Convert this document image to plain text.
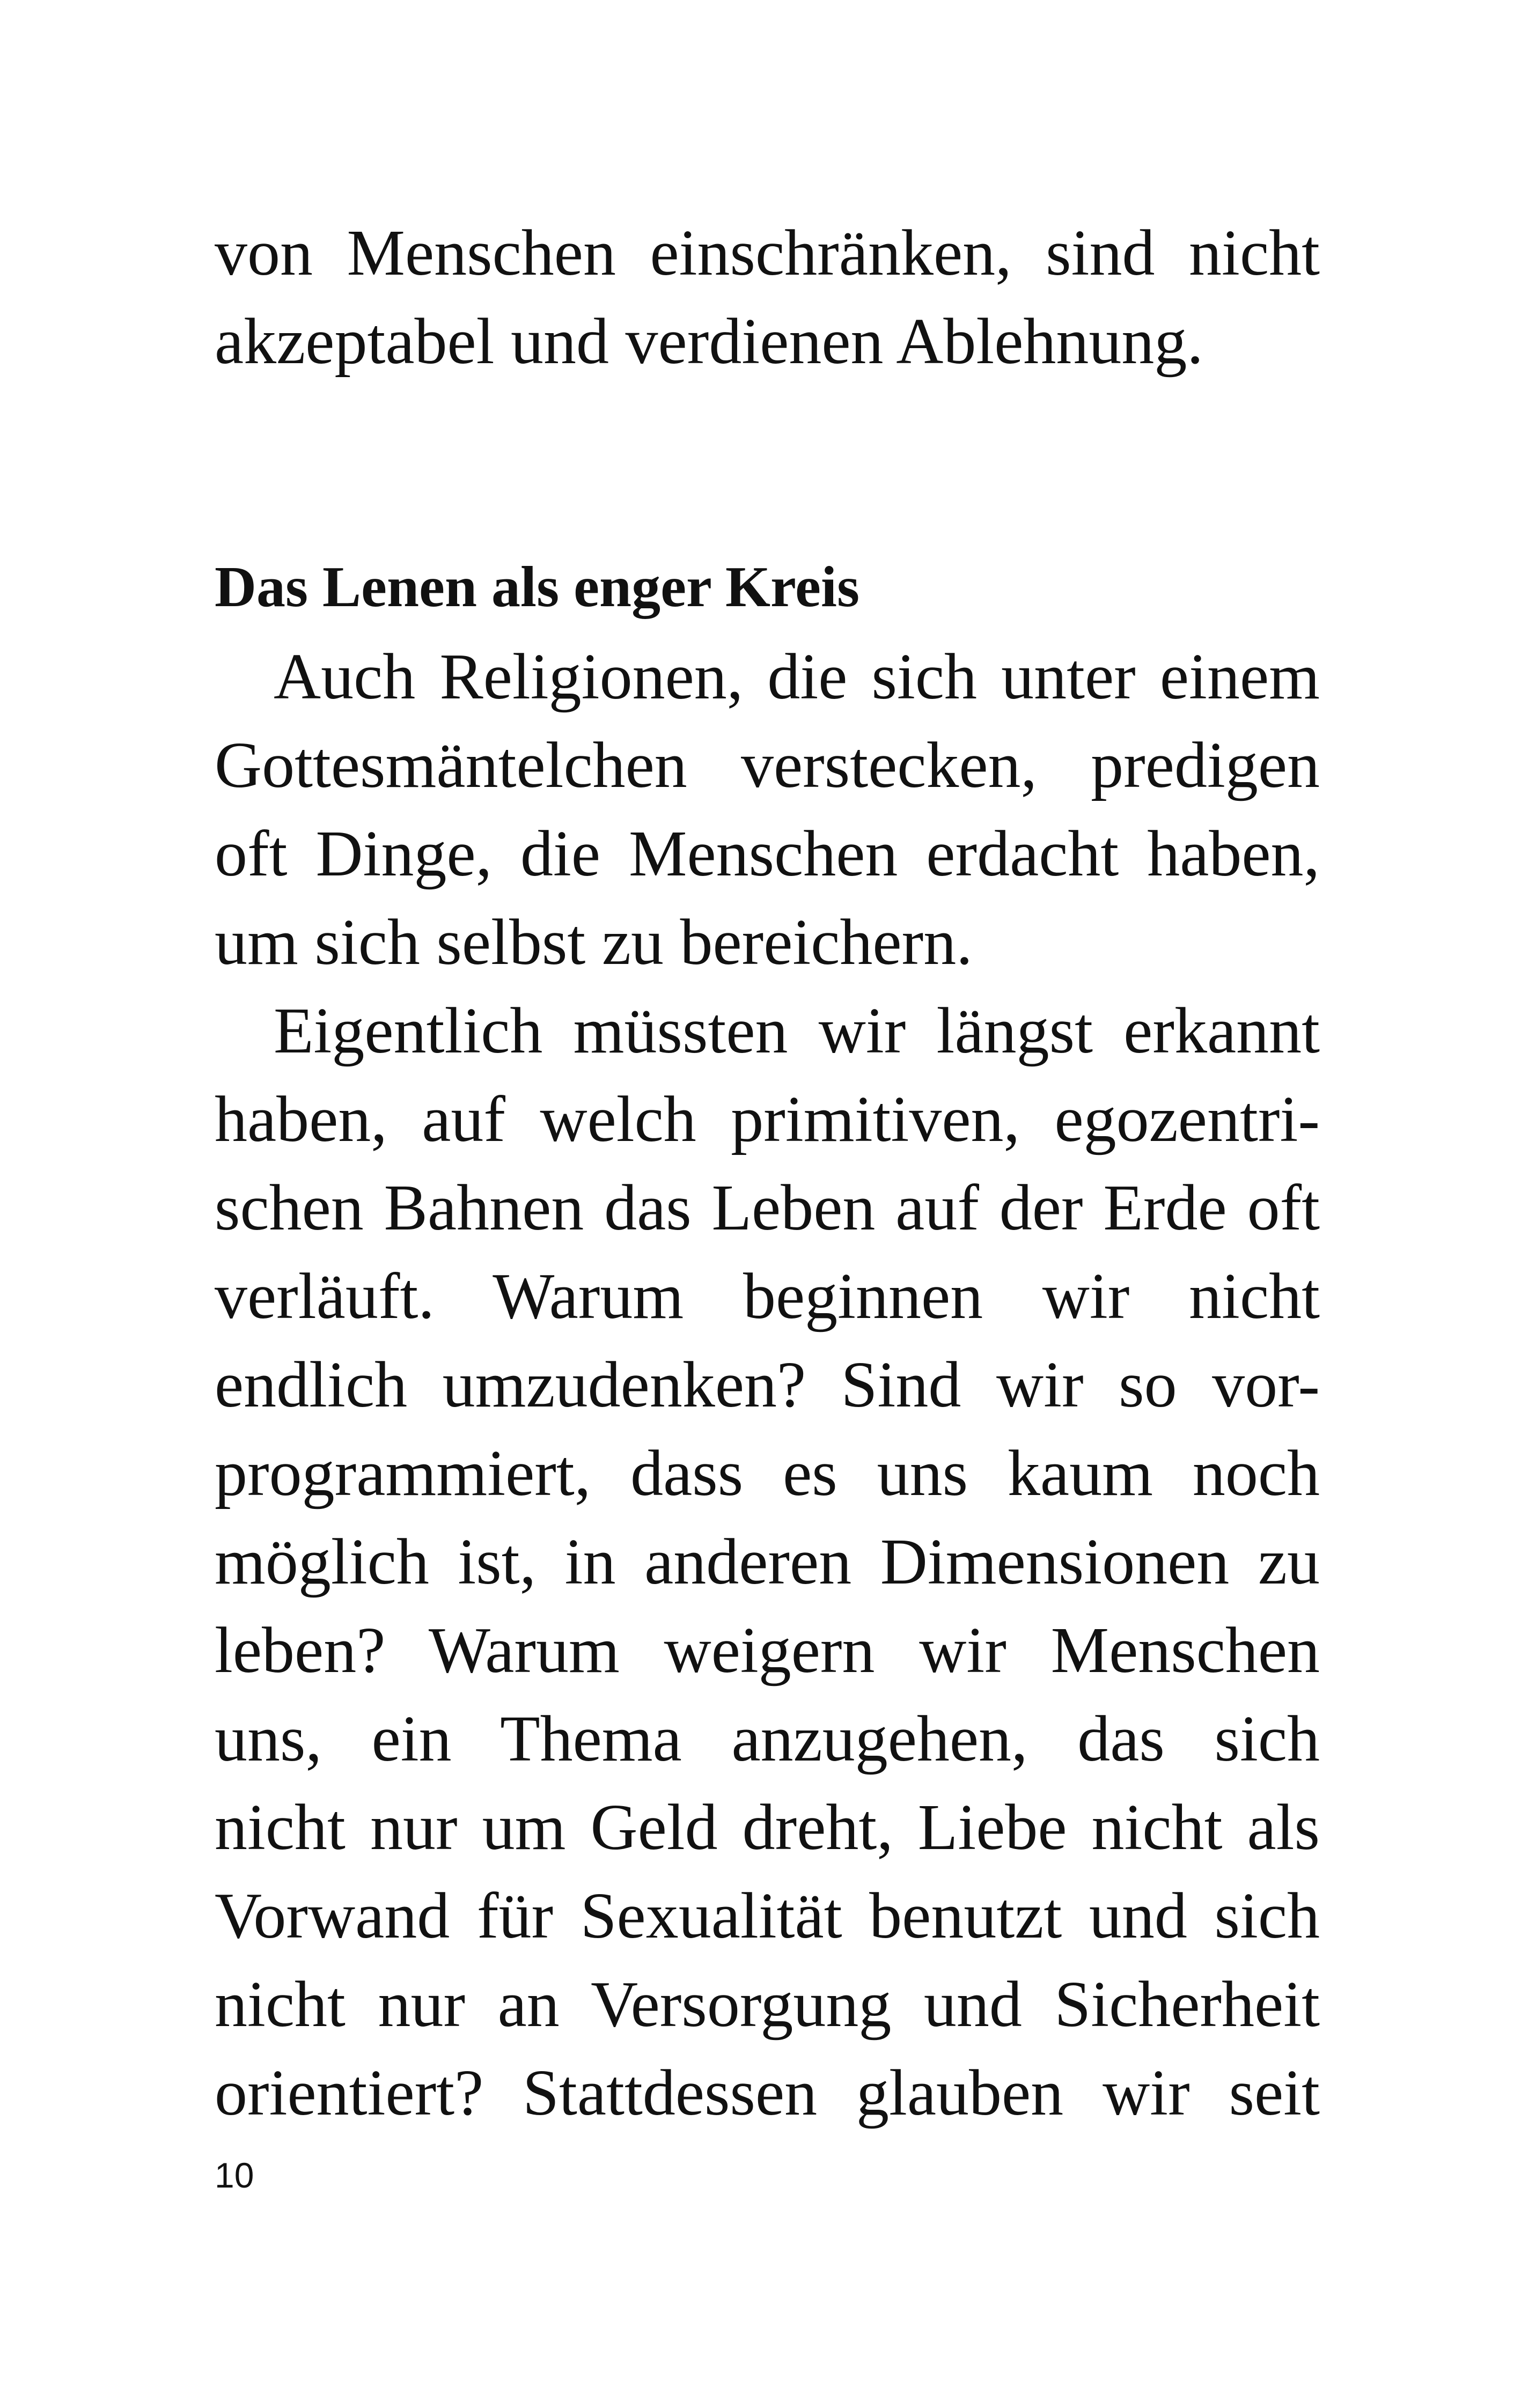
von Menschen einschränken, sind nicht
akzeptabel und verdienen Ablehnung.
Das Lenen als enger Kreis
Auch Religionen, die sich unter einem
Gottesmäntelchen verstecken, predigen
oft Dinge, die Menschen erdacht haben,
um sich selbst zu bereichern.
Eigentlich müssten wir längst erkannt
haben, auf welch primitiven, egozentri-
schen Bahnen das Leben auf der Erde oft
verläuft. Warum beginnen wir nicht
endlich umzudenken? Sind wir so vor-
programmiert, dass es uns kaum noch
möglich ist, in anderen Dimensionen zu
leben? Warum weigern wir Menschen
uns, ein Thema anzugehen, das sich
nicht nur um Geld dreht, Liebe nicht als
Vorwand für Sexualität benutzt und sich
nicht nur an Versorgung und Sicherheit
orientiert? Stattdessen glauben wir seit
10
